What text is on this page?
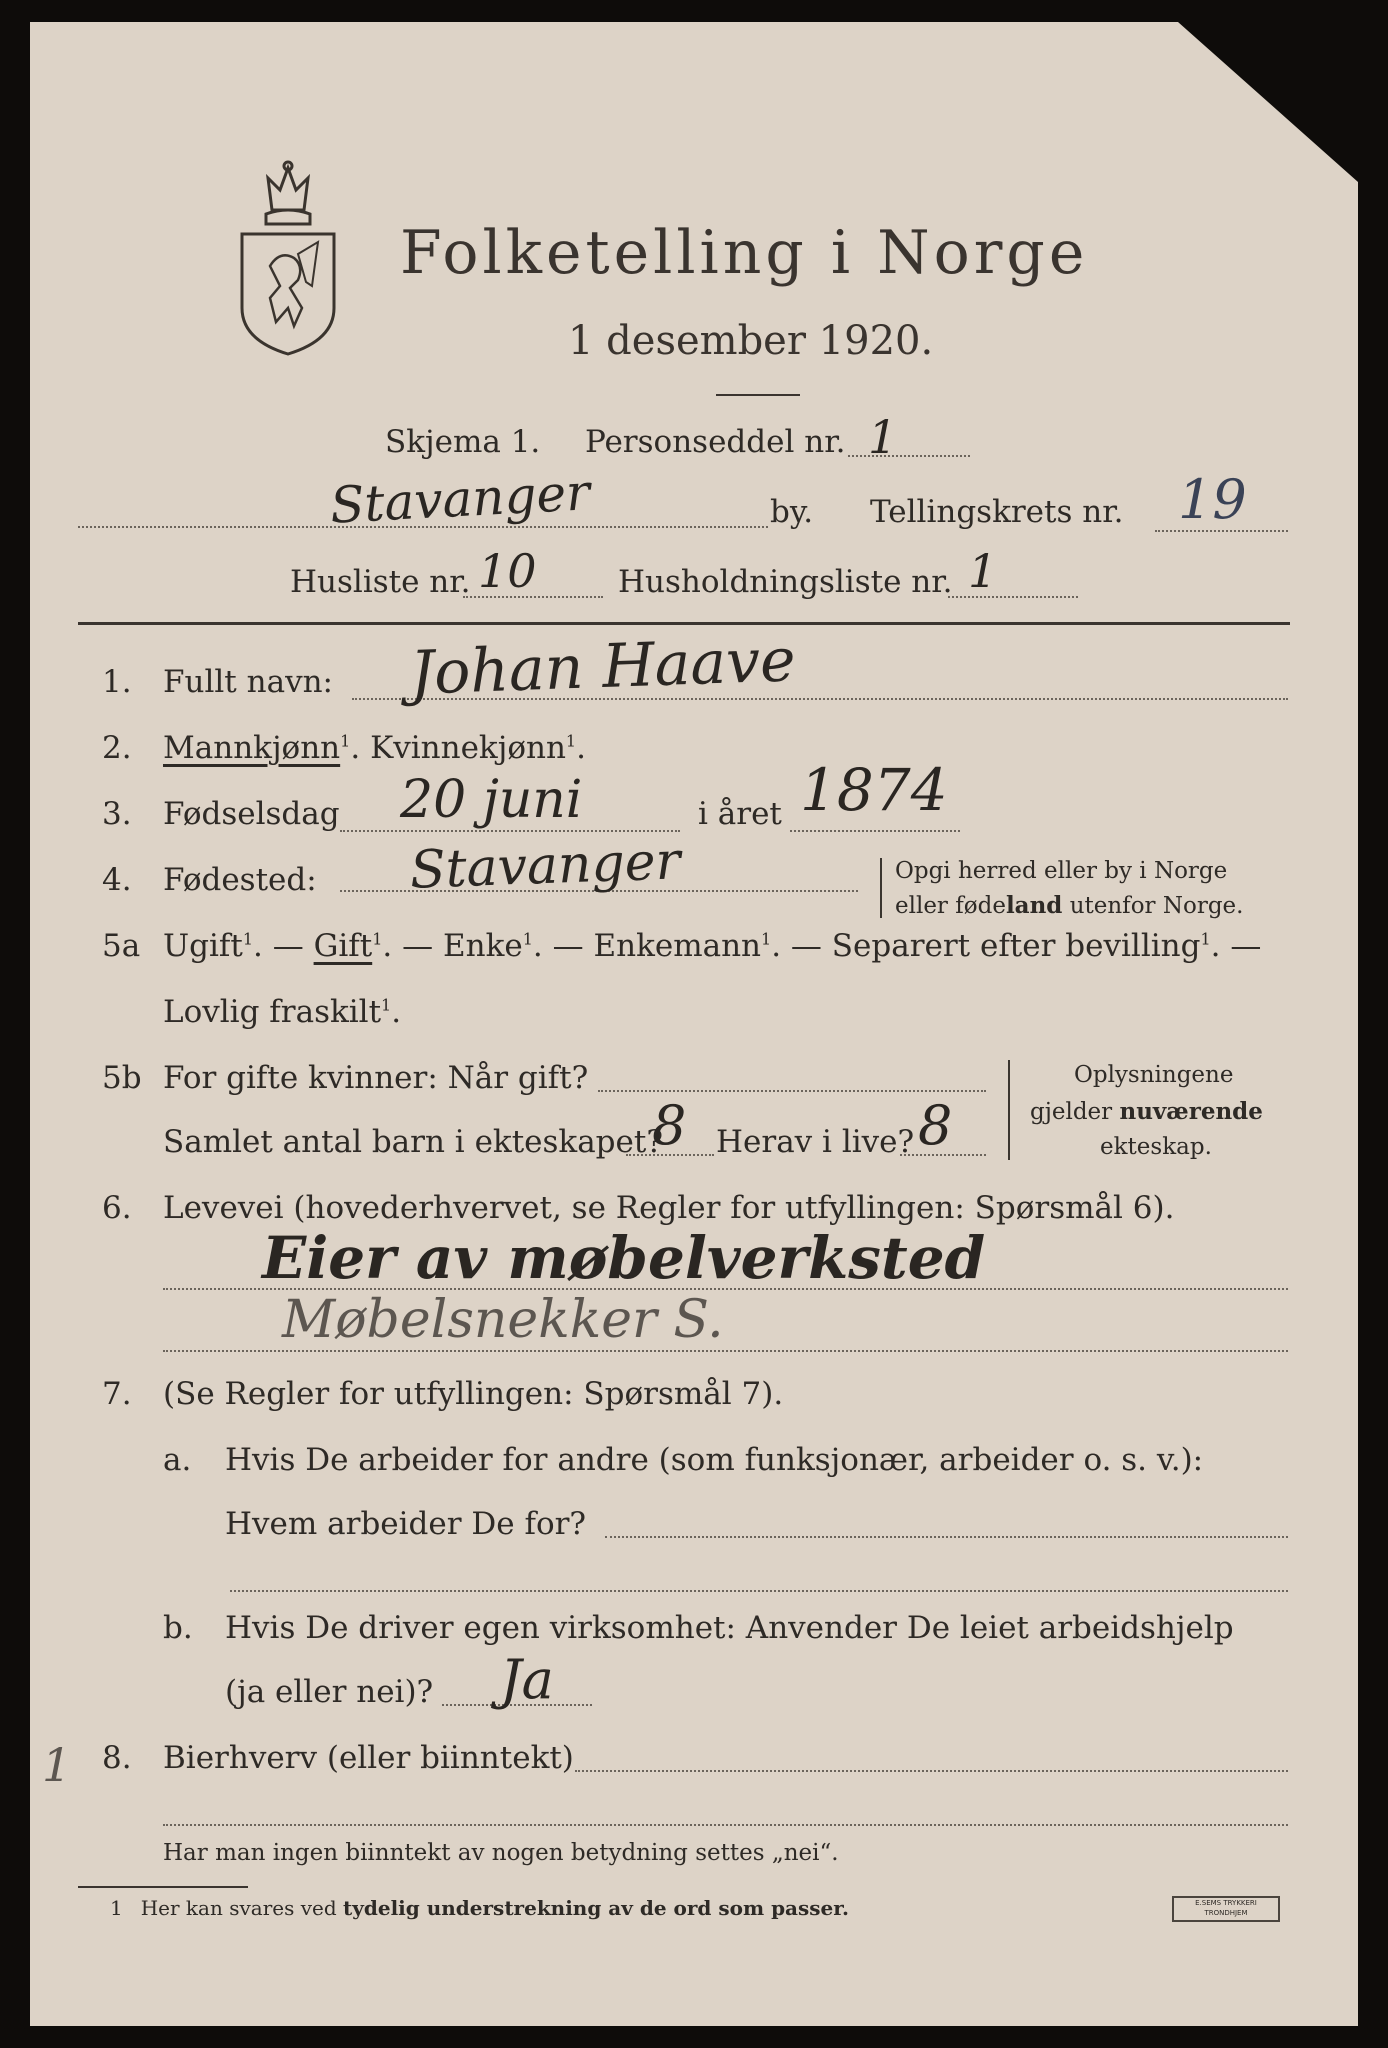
Folketelling i Norge
1 desember 1920.
Skjema 1. Personseddel nr. 1
Stavanger	by. Tellingskrets nr. 19
Husliste nr. 10	Husholdningsliste nr. 1
1. Fullt navn: Johan Haave
2. Mannkjønn$^1$. Kvinnekjønn$^1$.
3. Fødselsdag 20 juni	i året 1874
4. Fødested: Stavanger	Opgi herred eller by i Norge
eller fødeland utenfor Norge.
5a Ugift$^1$. — Gift$^1$. — Enke$^1$. — Enkemann$^1$. — Separert efter bevilling$^1$. —
Lovlig fraskilt$^1$.
5b For gifte kvinner: Når gift?
Samlet antal barn i ekteskapet?
8 Herav i live? 8
Oplysningene
gjelder nuværende
ekteskap.
6. Levevei (hovederhvervet, se Regler for utfyllingen: Spørsmål 6).
Eier av møbelverksted
Møbelsnekker S.
7. (Se Regler for utfyllingen: Spørsmål 7).
a. Hvis De arbeider for andre (som funksjonær, arbeider o. s. v.):
Hvem arbeider De for?
b. Hvis De driver egen virksomhet: Anvender De leiet arbeidshjelp
(ja eller nei)? Ja
1 8. Bierhverv (eller biinntekt)
Har man ingen biinntekt av nogen betydning settes „nei“.
1 Her kan svares ved tydelig understrekning av de ord som passer.	E.SEMS TRYKKERI
TRONDHJEM
